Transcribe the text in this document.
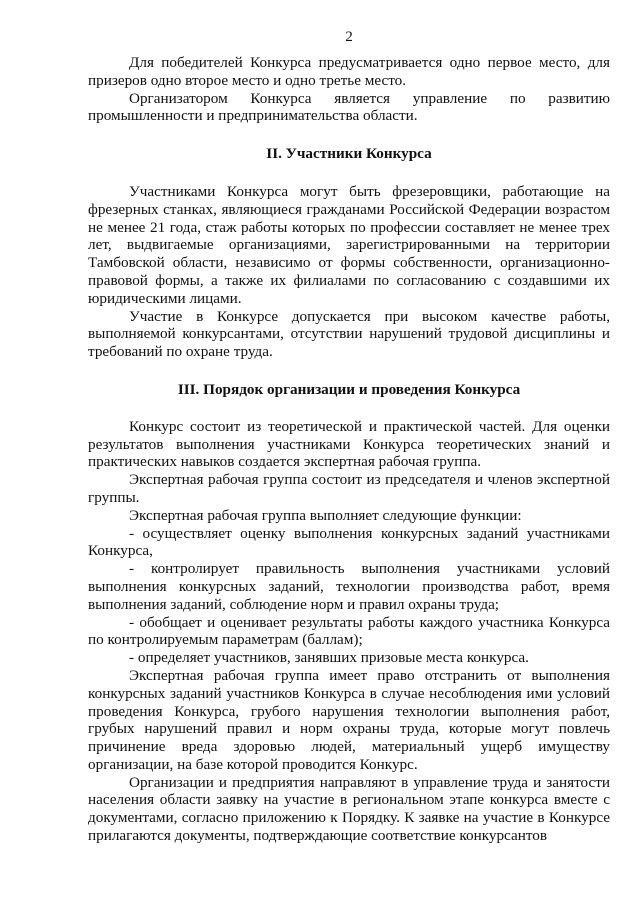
2

Для победителей Конкурса предусматривается одно первое место, для призеров одно второе место и одно третье место.

Организатором Конкурса является управление по развитию промышленности и предпринимательства области.

II. Участники Конкурса

Участниками Конкурса могут быть фрезеровщики, работающие на фрезерных станках, являющиеся гражданами Российской Федерации возрастом не менее 21 года, стаж работы которых по профессии составляет не менее трех лет, выдвигаемые организациями, зарегистрированными на территории Тамбовской области, независимо от формы собственности, организационно-правовой формы, а также их филиалами по согласованию с создавшими их юридическими лицами.

Участие в Конкурсе допускается при высоком качестве работы, выполняемой конкурсантами, отсутствии нарушений трудовой дисциплины и требований по охране труда.

III. Порядок организации и проведения Конкурса

Конкурс состоит из теоретической и практической частей. Для оценки результатов выполнения участниками Конкурса теоретических знаний и практических навыков создается экспертная рабочая группа.

Экспертная рабочая группа состоит из председателя и членов экспертной группы.

Экспертная рабочая группа выполняет следующие функции:

- осуществляет оценку выполнения конкурсных заданий участниками Конкурса,

- контролирует правильность выполнения участниками условий выполнения конкурсных заданий, технологии производства работ, время выполнения заданий, соблюдение норм и правил охраны труда;

- обобщает и оценивает результаты работы каждого участника Конкурса по контролируемым параметрам (баллам);

- определяет участников, занявших призовые места конкурса.

Экспертная рабочая группа имеет право отстранить от выполнения конкурсных заданий участников Конкурса в случае несоблюдения ими условий проведения Конкурса, грубого нарушения технологии выполнения работ, грубых нарушений правил и норм охраны труда, которые могут повлечь причинение вреда здоровью людей, материальный ущерб имуществу организации, на базе которой проводится Конкурс.

Организации и предприятия направляют в управление труда и занятости населения области заявку на участие в региональном этапе конкурса вместе с документами, согласно приложению к Порядку. К заявке на участие в Конкурсе прилагаются документы, подтверждающие соответствие конкурсантов
